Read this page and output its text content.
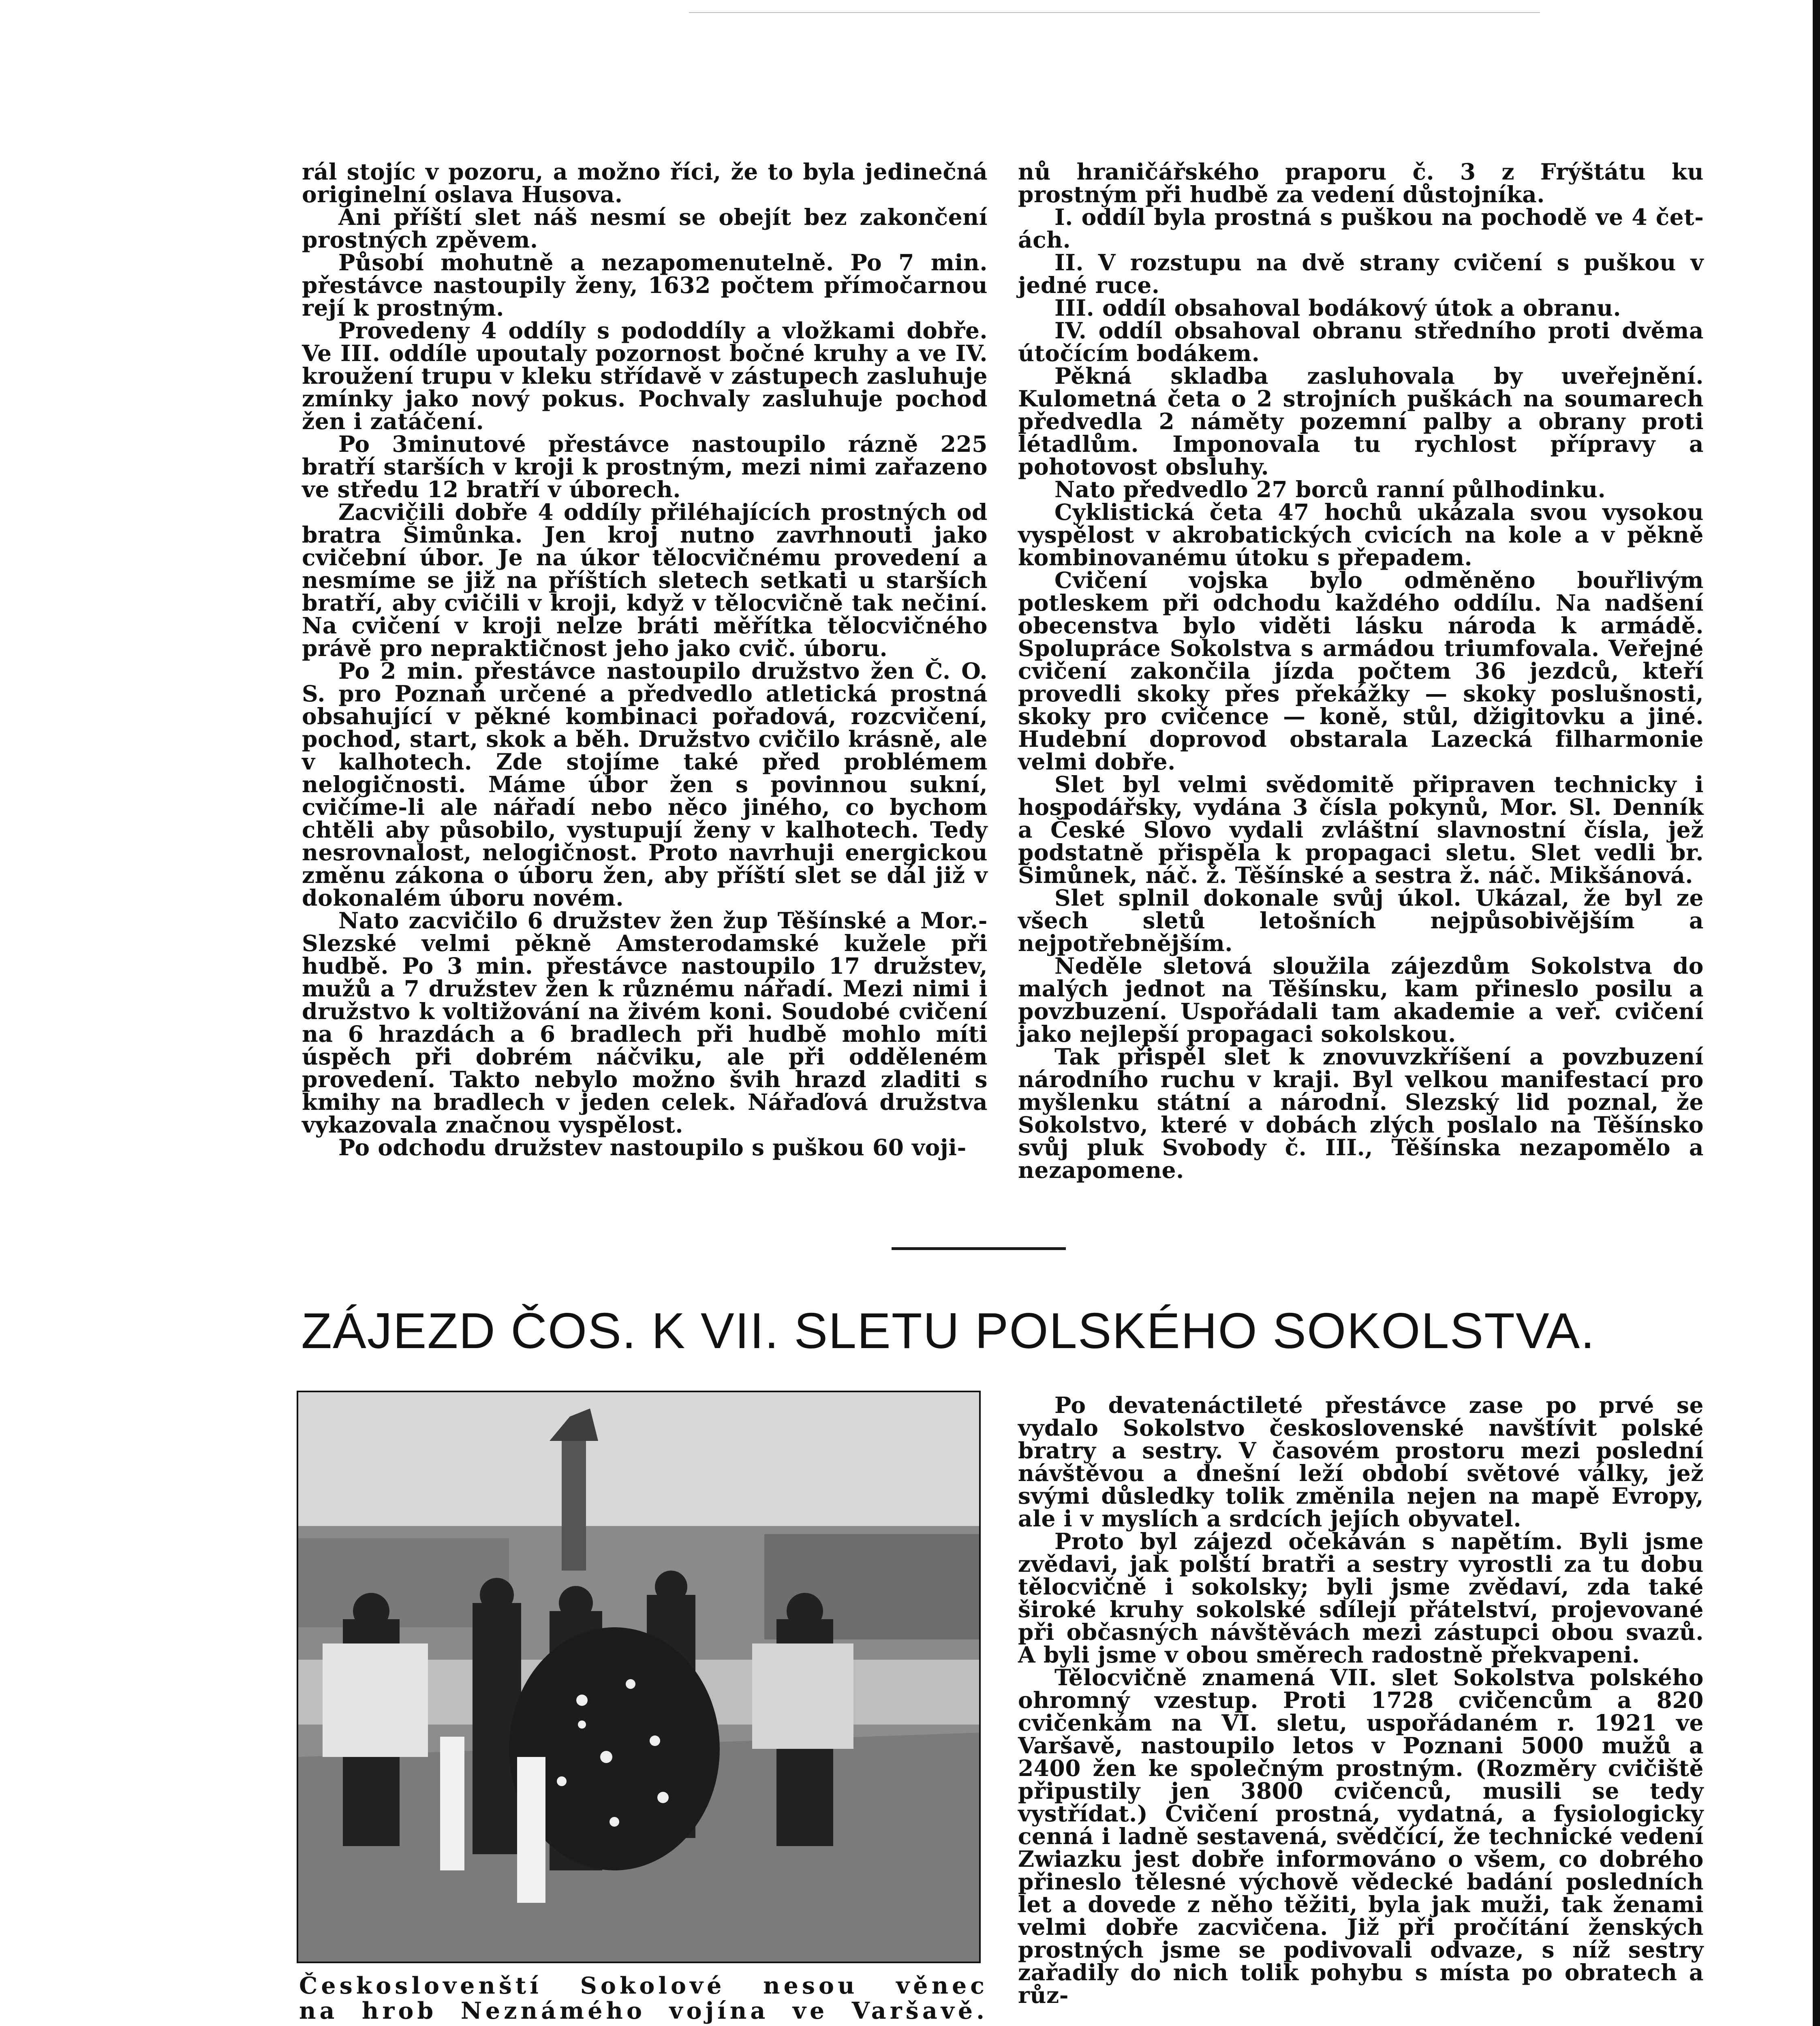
rál stojíc v pozoru, a možno říci, že to byla jedinečná originelní oslava Husova.

Ani příští slet náš nesmí se obejít bez zakončení prostných zpěvem.

Působí mohutně a nezapomenutelně. Po 7 min. přestávce nastoupily ženy, 1632 počtem přímočarnou rejí k prostným.

Provedeny 4 oddíly s pododdíly a vložkami dobře. Ve III. oddíle upoutaly pozornost bočné kruhy a ve IV. kroužení trupu v kleku střídavě v zástupech zasluhuje zmínky jako nový pokus. Pochvaly zasluhuje pochod žen i zatáčení.

Po 3minutové přestávce nastoupilo rázně 225 bratří starších v kroji k prostným, mezi nimi zařazeno ve středu 12 bratří v úborech.

Zacvičili dobře 4 oddíly přiléhajících prostných od bratra Šimůnka. Jen kroj nutno zavrhnouti jako cvičební úbor. Je na úkor tělocvičnému provedení a nesmíme se již na příštích sletech setkati u starších bratří, aby cvičili v kroji, když v tělocvičně tak nečiní. Na cvičení v kroji nelze bráti měřítka tělocvičného právě pro nepraktičnost jeho jako cvič. úboru.

Po 2 min. přestávce nastoupilo družstvo žen Č. O. S. pro Poznaň určené a předvedlo atletická prostná obsahující v pěkné kombinaci pořadová, rozcvičení, pochod, start, skok a běh. Družstvo cvičilo krásně, ale v kalhotech. Zde stojíme také před problémem nelogičnosti. Máme úbor žen s povinnou sukní, cvičíme-li ale nářadí nebo něco jiného, co bychom chtěli aby působilo, vystupují ženy v kalhotech. Tedy nesrovnalost, nelogičnost. Proto navrhuji energickou změnu zákona o úboru žen, aby příští slet se dál již v dokonalém úboru novém.

Nato zacvičilo 6 družstev žen žup Těšínské a Mor.-Slezské velmi pěkně Amsterodamské kužele při hudbě. Po 3 min. přestávce nastoupilo 17 družstev, mužů a 7 družstev žen k různému nářadí. Mezi nimi i družstvo k voltižování na živém koni. Soudobé cvičení na 6 hrazdách a 6 bradlech při hudbě mohlo míti úspěch při dobrém náčviku, ale při odděleném provedení. Takto nebylo možno švih hrazd zladiti s kmihy na bradlech v jeden celek. Nářaďová družstva vykazovala značnou vyspělost.

Po odchodu družstev nastoupilo s puškou 60 voji-

nů hraničářského praporu č. 3 z Frýštátu ku prostným při hudbě za vedení důstojníka.

I. oddíl byla prostná s puškou na pochodě ve 4 četách.

II. V rozstupu na dvě strany cvičení s puškou v jedné ruce.

III. oddíl obsahoval bodákový útok a obranu.

IV. oddíl obsahoval obranu středního proti dvěma útočícím bodákem.

Pěkná skladba zasluhovala by uveřejnění. Kulometná četa o 2 strojních puškách na soumarech předvedla 2 náměty pozemní palby a obrany proti létadlům. Imponovala tu rychlost přípravy a pohotovost obsluhy.

Nato předvedlo 27 borců ranní půlhodinku.

Cyklistická četa 47 hochů ukázala svou vysokou vyspělost v akrobatických cvicích na kole a v pěkně kombinovanému útoku s přepadem.

Cvičení vojska bylo odměněno bouřlivým potleskem při odchodu každého oddílu. Na nadšení obecenstva bylo viděti lásku národa k armádě. Spolupráce Sokolstva s armádou triumfovala. Veřejné cvičení zakončila jízda počtem 36 jezdců, kteří provedli skoky přes překážky — skoky poslušnosti, skoky pro cvičence — koně, stůl, džigitovku a jiné. Hudební doprovod obstarala Lazecká filharmonie velmi dobře.

Slet byl velmi svědomitě připraven technicky i hospodářsky, vydána 3 čísla pokynů, Mor. Sl. Denník a České Slovo vydali zvláštní slavnostní čísla, jež podstatně přispěla k propagaci sletu. Slet vedli br. Šimůnek, náč. ž. Těšínské a sestra ž. náč. Mikšánová.

Slet splnil dokonale svůj úkol. Ukázal, že byl ze všech sletů letošních nejpůsobivějším a nejpotřebnějším.

Neděle sletová sloužila zájezdům Sokolstva do malých jednot na Těšínsku, kam přineslo posilu a povzbuzení. Uspořádali tam akademie a veř. cvičení jako nejlepší propagaci sokolskou.

Tak přispěl slet k znovuvzkříšení a povzbuzení národního ruchu v kraji. Byl velkou manifestací pro myšlenku státní a národní. Slezský lid poznal, že Sokolstvo, které v dobách zlých poslalo na Těšínsko svůj pluk Svobody č. III., Těšínska nezapomělo a nezapomene.

ZÁJEZD ČOS. K VII. SLETU POLSKÉHO SOKOLSTVA.
Českoslovenští Sokolové nesou věnec
na hrob Neznámého vojína ve Varšavě.

Po devatenáctileté přestávce zase po prvé se vydalo Sokolstvo československé navštívit polské bratry a sestry. V časovém prostoru mezi poslední návštěvou a dnešní leží období světové války, jež svými důsledky tolik změnila nejen na mapě Evropy, ale i v myslích a srdcích jejích obyvatel.

Proto byl zájezd očekáván s napětím. Byli jsme zvědavi, jak polští bratři a sestry vyrostli za tu dobu tělocvičně i sokolsky; byli jsme zvědaví, zda také široké kruhy sokolské sdílejí přátelství, projevované při občasných návštěvách mezi zástupci obou svazů. A byli jsme v obou směrech radostně překvapeni.

Tělocvičně znamená VII. slet Sokolstva polského ohromný vzestup. Proti 1728 cvičencům a 820 cvičenkám na VI. sletu, uspořádaném r. 1921 ve Varšavě, nastoupilo letos v Poznani 5000 mužů a 2400 žen ke společným prostným. (Rozměry cvičiště připustily jen 3800 cvičenců, musili se tedy vystřídat.) Cvičení prostná, vydatná, a fysiologicky cenná i ladně sestavená, svědčící, že technické vedení Zwiazku jest dobře informováno o všem, co dobrého přineslo tělesné výchově vědecké badání posledních let a dovede z něho těžiti, byla jak muži, tak ženami velmi dobře zacvičena. Již při pročítání ženských prostných jsme se podivovali odvaze, s níž sestry zařadily do nich tolik pohybu s místa po obratech a růz-
